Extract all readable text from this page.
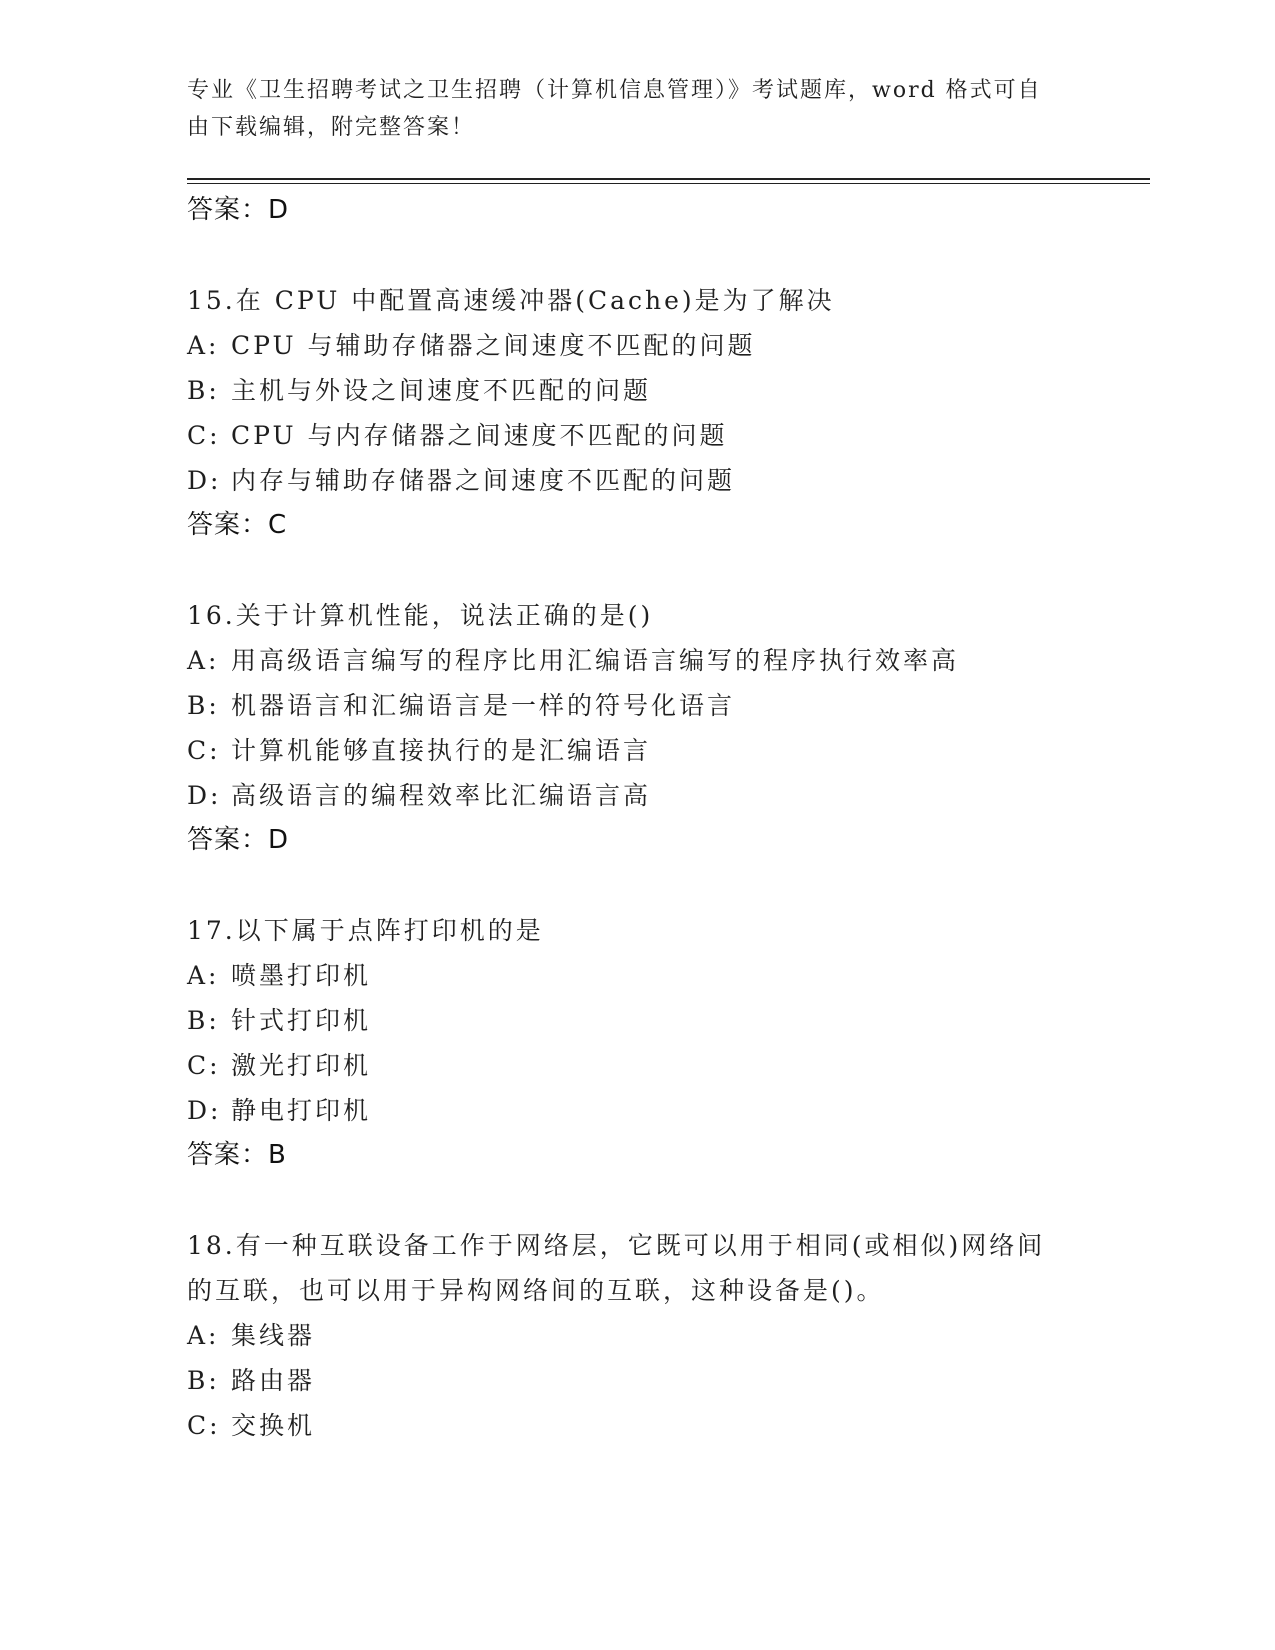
专业《卫生招聘考试之卫生招聘（计算机信息管理）》考试题库，word 格式可自
由下载编辑，附完整答案！
答案：D
15.在 CPU 中配置高速缓冲器(Cache)是为了解决
A: CPU 与辅助存储器之间速度不匹配的问题
B: 主机与外设之间速度不匹配的问题
C: CPU 与内存储器之间速度不匹配的问题
D: 内存与辅助存储器之间速度不匹配的问题
答案：C
16.关于计算机性能，说法正确的是()
A: 用高级语言编写的程序比用汇编语言编写的程序执行效率高
B: 机器语言和汇编语言是一样的符号化语言
C: 计算机能够直接执行的是汇编语言
D: 高级语言的编程效率比汇编语言高
答案：D
17.以下属于点阵打印机的是
A: 喷墨打印机
B: 针式打印机
C: 激光打印机
D: 静电打印机
答案：B
18.有一种互联设备工作于网络层，它既可以用于相同(或相似)网络间
的互联，也可以用于异构网络间的互联，这种设备是()。
A: 集线器
B: 路由器
C: 交换机
